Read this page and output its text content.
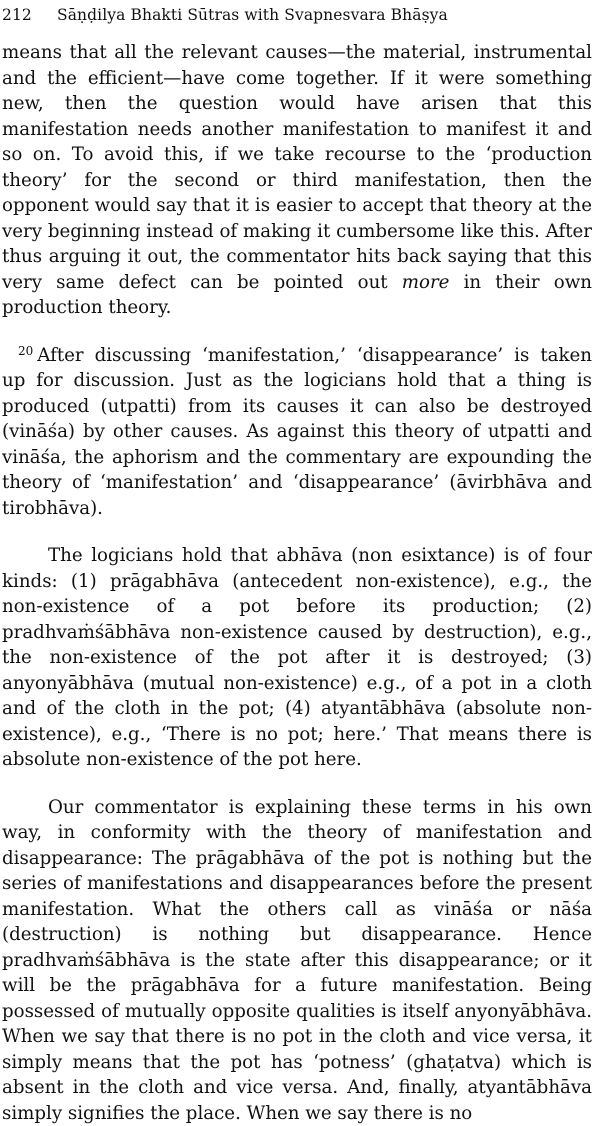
212 Sāṇḍilya Bhakti Sūtras with Svapnesvara Bhāṣya

means that all the relevant causes—the material, instrumental and the efficient—have come together. If it were something new, then the question would have arisen that this manifestation needs another manifestation to manifest it and so on. To avoid this, if we take recourse to the ‘production theory’ for the second or third manifestation, then the opponent would say that it is easier to accept that theory at the very beginning instead of making it cumbersome like this. After thus arguing it out, the commentator hits back saying that this very same defect can be pointed out more in their own production theory.

$^{20}$ After discussing ‘manifestation,’ ‘disappearance’ is taken up for discussion. Just as the logicians hold that a thing is produced (utpatti) from its causes it can also be destroyed (vināśa) by other causes. As against this theory of utpatti and vināśa, the aphorism and the commentary are expounding the theory of ‘manifestation’ and ‘disappearance’ (āvirbhāva and tirobhāva).

The logicians hold that abhāva (non esixtance) is of four kinds: (1) prāgabhāva (antecedent non-existence), e.g., the non-existence of a pot before its production; (2) pradhvaṁśābhāva non-existence caused by destruction), e.g., the non-existence of the pot after it is destroyed; (3) anyonyābhāva (mutual non-existence) e.g., of a pot in a cloth and of the cloth in the pot; (4) atyantābhāva (absolute non-existence), e.g., ‘There is no pot; here.’ That means there is absolute non-existence of the pot here.

Our commentator is explaining these terms in his own way, in conformity with the theory of manifestation and disappearance: The prāgabhāva of the pot is nothing but the series of manifestations and disappearances before the present manifestation. What the others call as vināśa or nāśa (destruction) is nothing but disappearance. Hence pradhvaṁśābhāva is the state after this disappearance; or it will be the prāgabhāva for a future manifestation. Being possessed of mutually opposite qualities is itself anyonyābhāva. When we say that there is no pot in the cloth and vice versa, it simply means that the pot has ‘potness’ (ghaṭatva) which is absent in the cloth and vice versa. And, finally, atyantābhāva simply signifies the place. When we say there is no
